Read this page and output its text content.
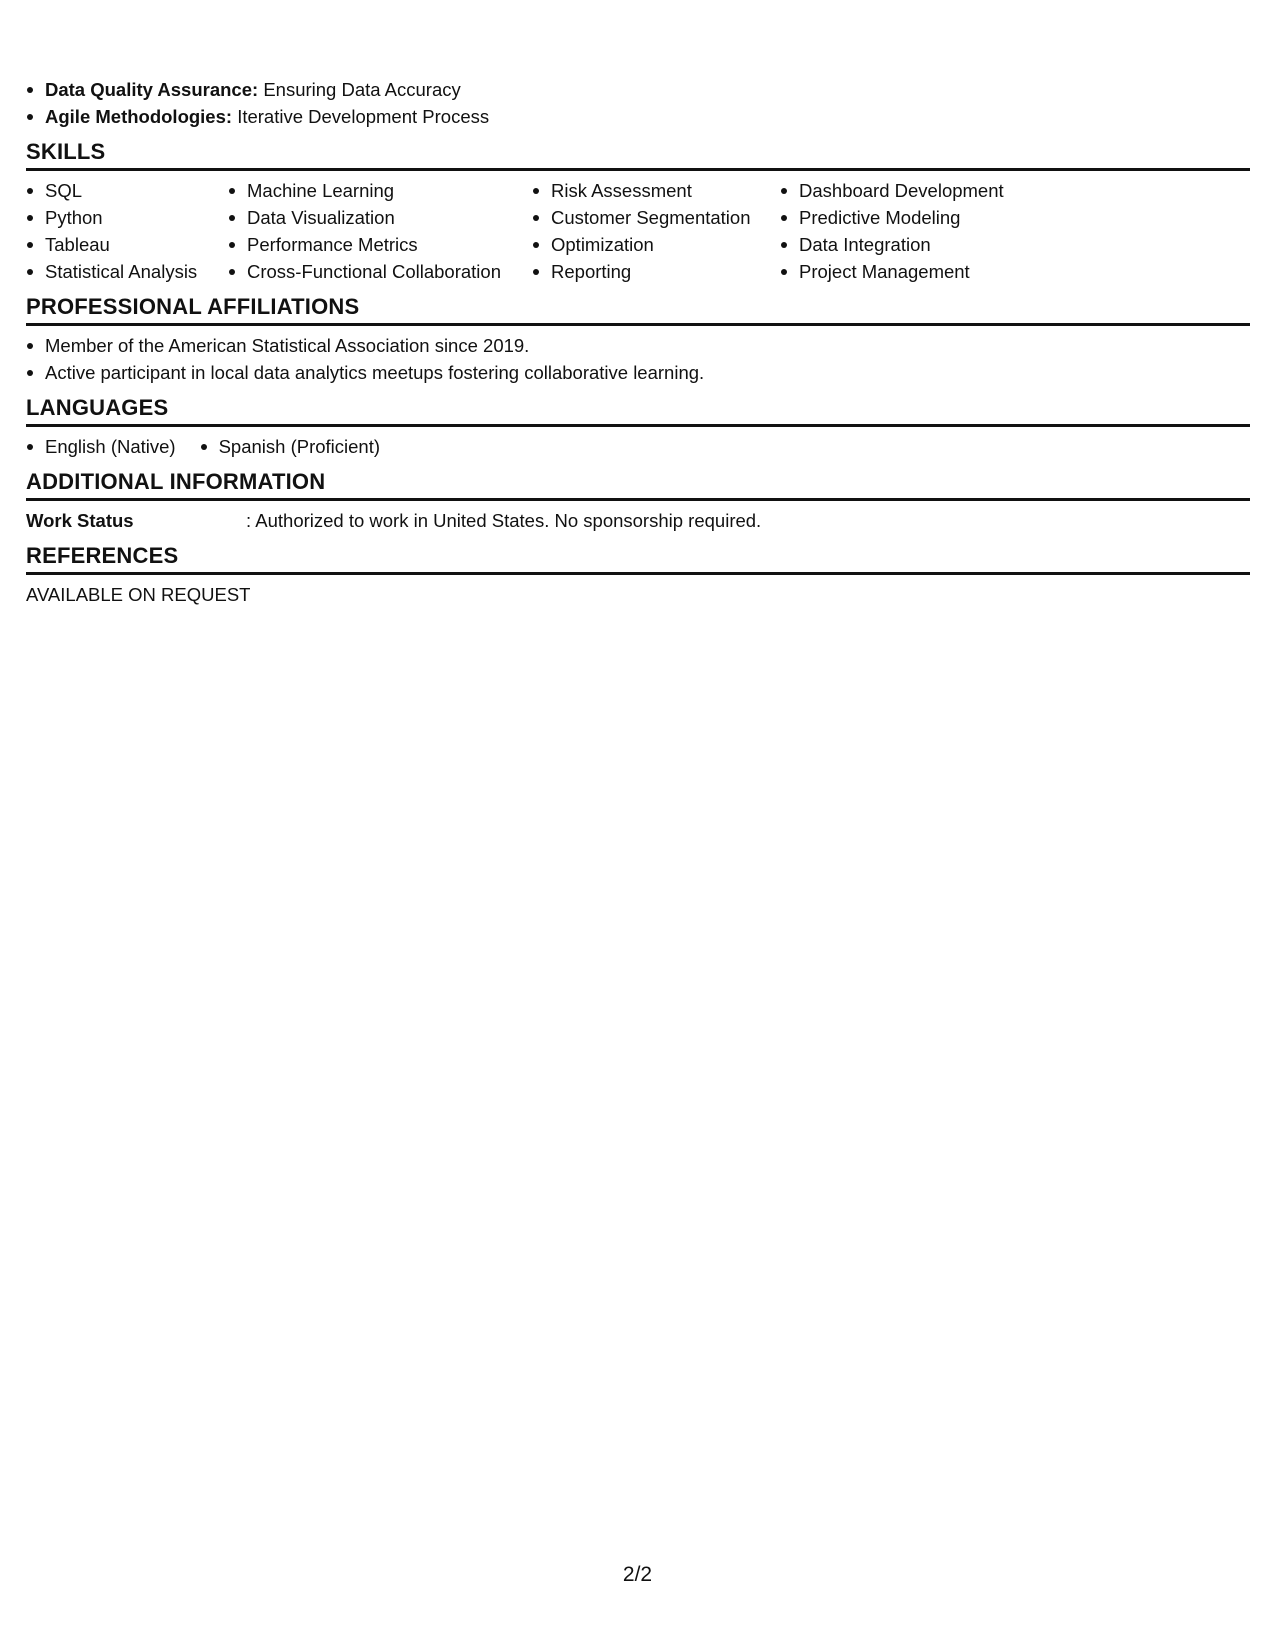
Data Quality Assurance: Ensuring Data Accuracy
Agile Methodologies: Iterative Development Process
SKILLS
SQL
Python
Tableau
Statistical Analysis
Machine Learning
Data Visualization
Performance Metrics
Cross-Functional Collaboration
Risk Assessment
Customer Segmentation
Optimization
Reporting
Dashboard Development
Predictive Modeling
Data Integration
Project Management
PROFESSIONAL AFFILIATIONS
Member of the American Statistical Association since 2019.
Active participant in local data analytics meetups fostering collaborative learning.
LANGUAGES
English (Native)	Spanish (Proficient)
ADDITIONAL INFORMATION
Work Status	: Authorized to work in United States. No sponsorship required.
REFERENCES
AVAILABLE ON REQUEST
2/2
